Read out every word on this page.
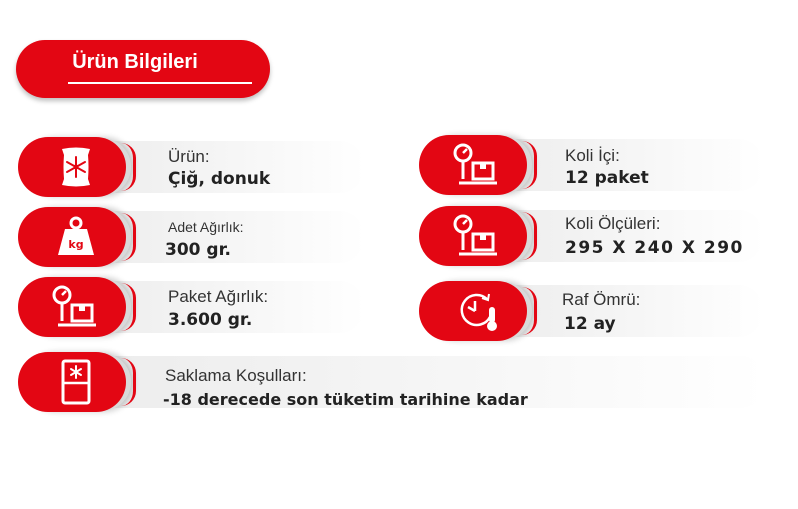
Ürün Bilgileri
Ürün:
Çiğ, donuk
kg
Adet Ağırlık:
300 gr.
Paket Ağırlık:
3.600 gr.
Saklama Koşulları:
-18 derecede son tüketim tarihine kadar
Koli İçi:
12 paket
Koli Ölçüleri:
295 X 240 X 290
Raf Ömrü:
12 ay
